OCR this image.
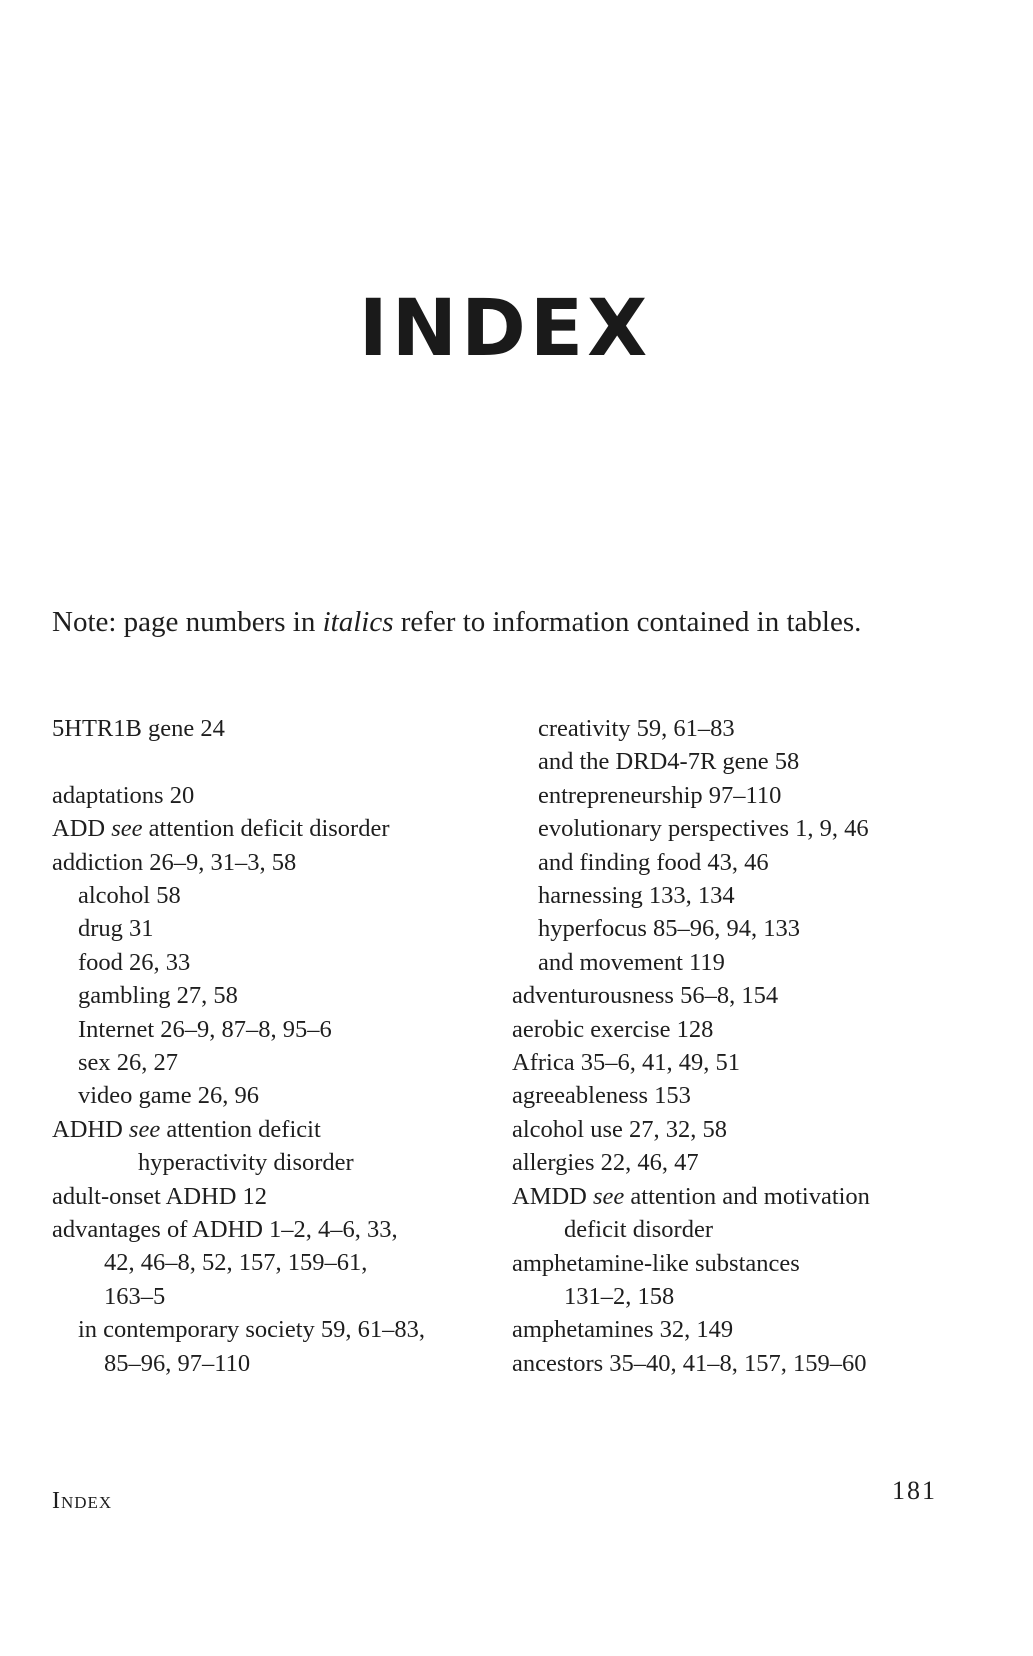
INDEX
Note: page numbers in italics refer to information contained in tables.
5HTR1B gene 24
adaptations 20
ADD see attention deficit disorder
addiction 26–9, 31–3, 58
alcohol 58
drug 31
food 26, 33
gambling 27, 58
Internet 26–9, 87–8, 95–6
sex 26, 27
video game 26, 96
ADHD see attention deficit
hyperactivity disorder
adult-onset ADHD 12
advantages of ADHD 1–2, 4–6, 33,
42, 46–8, 52, 157, 159–61,
163–5
in contemporary society 59, 61–83,
85–96, 97–110
creativity 59, 61–83
and the DRD4-7R gene 58
entrepreneurship 97–110
evolutionary perspectives 1, 9, 46
and finding food 43, 46
harnessing 133, 134
hyperfocus 85–96, 94, 133
and movement 119
adventurousness 56–8, 154
aerobic exercise 128
Africa 35–6, 41, 49, 51
agreeableness 153
alcohol use 27, 32, 58
allergies 22, 46, 47
AMDD see attention and motivation
deficit disorder
amphetamine-like substances
131–2, 158
amphetamines 32, 149
ancestors 35–40, 41–8, 157, 159–60
Index	181
